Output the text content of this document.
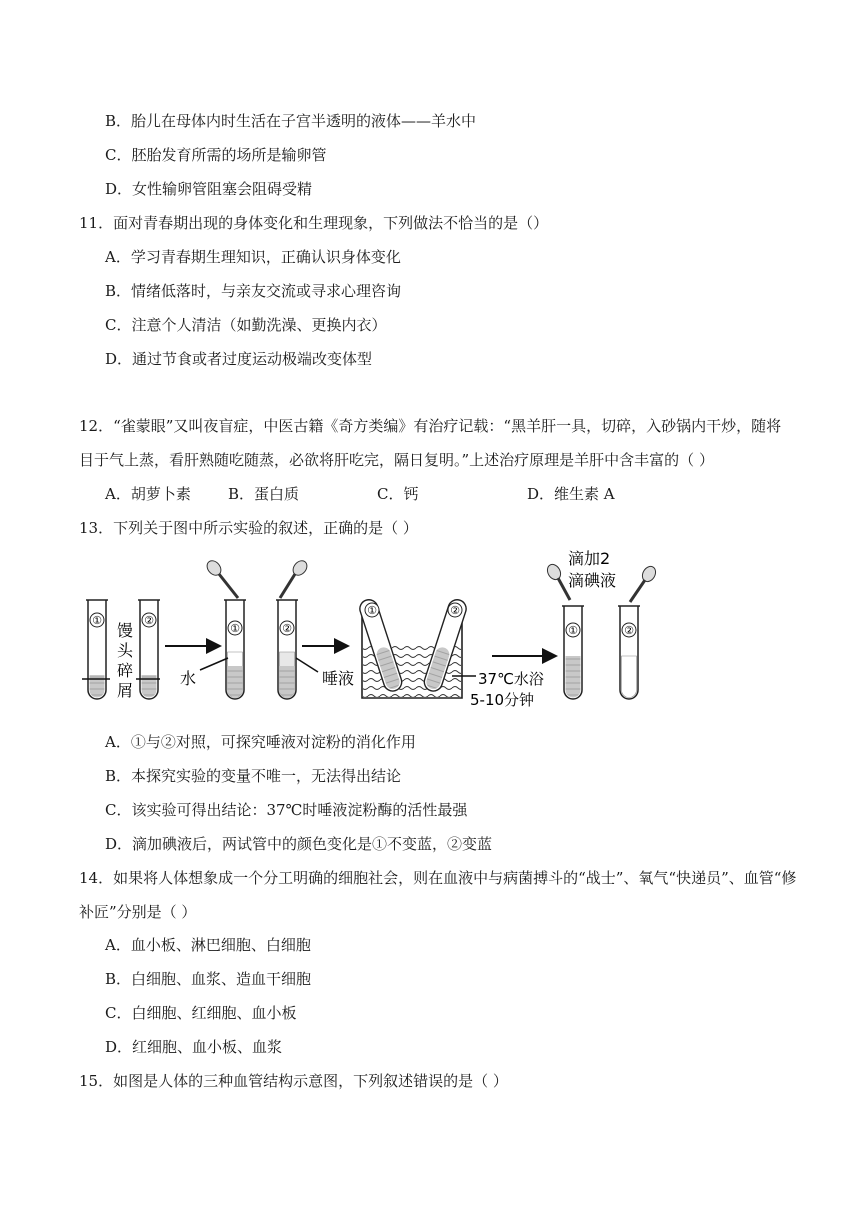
B．胎儿在母体内时生活在子宫半透明的液体——羊水中
C．胚胎发育所需的场所是输卵管
D．女性输卵管阻塞会阻碍受精
11．面对青春期出现的身体变化和生理现象，下列做法不恰当的是（）
A．学习青春期生理知识，正确认识身体变化
B．情绪低落时，与亲友交流或寻求心理咨询
C．注意个人清洁（如勤洗澡、更换内衣）
D．通过节食或者过度运动极端改变体型
12．“雀蒙眼”又叫夜盲症，中医古籍《奇方类编》有治疗记载：“黑羊肝一具，切碎，入砂锅内干炒，随将
目于气上蒸，看肝熟随吃随蒸，必欲将肝吃完，隔日复明。”上述治疗原理是羊肝中含丰富的（ ）
A．胡萝卜素 B．蛋白质	C．钙	D．维生素 A
13．下列关于图中所示实验的叙述，正确的是（ ）
①	②
馒
头
碎
屑
①	②
水	唾液
①	②
37℃水浴
5-10分钟
滴加2
滴碘液
①	②
A．①与②对照，可探究唾液对淀粉的消化作用
B．本探究实验的变量不唯一，无法得出结论
C．该实验可得出结论：37℃时唾液淀粉酶的活性最强
D．滴加碘液后，两试管中的颜色变化是①不变蓝，②变蓝
14．如果将人体想象成一个分工明确的细胞社会，则在血液中与病菌搏斗的“战士”、氧气“快递员”、血管“修
补匠”分别是（ ）
A．血小板、淋巴细胞、白细胞
B．白细胞、血浆、造血干细胞
C．白细胞、红细胞、血小板
D．红细胞、血小板、血浆
15．如图是人体的三种血管结构示意图，下列叙述错误的是（ ）
